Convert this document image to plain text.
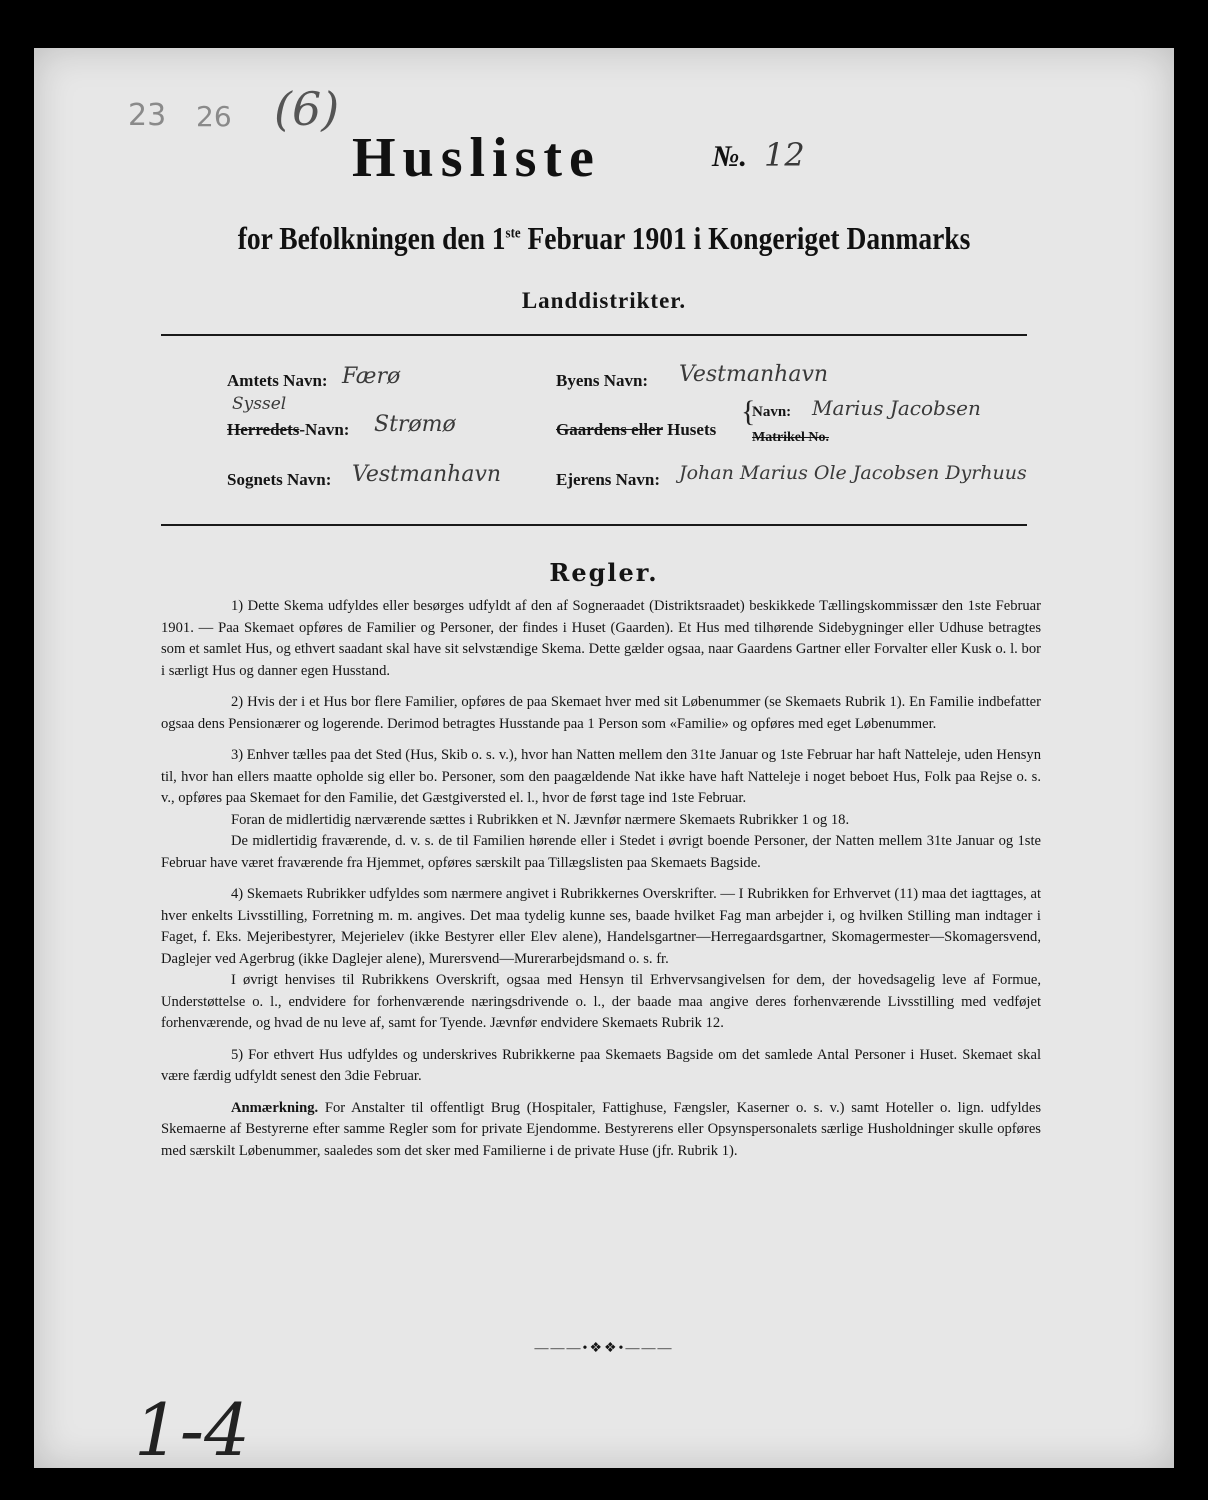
23 26 (6)
Husliste	№. 12
for Befolkningen den 1ste Februar 1901 i Kongeriget Danmarks
Landdistrikter.
Amtets Navn: Færø	Byens Navn: Vestmanhavn
Syssel
Herredets-Navn: Strømø	Gaardens eller Husets
{
Navn: Marius Jacobsen
Matrikel No.
Sognets Navn: Vestmanhavn	Ejerens Navn: Johan Marius Ole Jacobsen Dyrhuus
Regler.

1) Dette Skema udfyldes eller besørges udfyldt af den af Sogneraadet (Distriktsraadet) beskikkede Tællingskommissær den 1ste Februar 1901. — Paa Skemaet opføres de Familier og Personer, der findes i Huset (Gaarden). Et Hus med tilhørende Sidebygninger eller Udhuse betragtes som et samlet Hus, og ethvert saadant skal have sit selvstændige Skema. Dette gælder ogsaa, naar Gaardens Gartner eller Forvalter eller Kusk o. l. bor i særligt Hus og danner egen Husstand.

2) Hvis der i et Hus bor flere Familier, opføres de paa Skemaet hver med sit Løbenummer (se Skemaets Rubrik 1). En Familie indbefatter ogsaa dens Pensionærer og logerende. Derimod betragtes Husstande paa 1 Person som «Familie» og opføres med eget Løbenummer.

3) Enhver tælles paa det Sted (Hus, Skib o. s. v.), hvor han Natten mellem den 31te Januar og 1ste Februar har haft Natteleje, uden Hensyn til, hvor han ellers maatte opholde sig eller bo. Personer, som den paagældende Nat ikke have haft Natteleje i noget beboet Hus, Folk paa Rejse o. s. v., opføres paa Skemaet for den Familie, det Gæstgiversted el. l., hvor de først tage ind 1ste Februar.

Foran de midlertidig nærværende sættes i Rubrikken et N. Jævnfør nærmere Skemaets Rubrikker 1 og 18.

De midlertidig fraværende, d. v. s. de til Familien hørende eller i Stedet i øvrigt boende Personer, der Natten mellem 31te Januar og 1ste Februar have været fraværende fra Hjemmet, opføres særskilt paa Tillægslisten paa Skemaets Bagside.

4) Skemaets Rubrikker udfyldes som nærmere angivet i Rubrikkernes Overskrifter. — I Rubrikken for Erhvervet (11) maa det iagttages, at hver enkelts Livsstilling, Forretning m. m. angives. Det maa tydelig kunne ses, baade hvilket Fag man arbejder i, og hvilken Stilling man indtager i Faget, f. Eks. Mejeribestyrer, Mejerielev (ikke Bestyrer eller Elev alene), Handelsgartner—Herregaardsgartner, Skomagermester—Skomagersvend, Daglejer ved Agerbrug (ikke Daglejer alene), Murersvend—Murerarbejdsmand o. s. fr.

I øvrigt henvises til Rubrikkens Overskrift, ogsaa med Hensyn til Erhvervsangivelsen for dem, der hovedsagelig leve af Formue, Understøttelse o. l., endvidere for forhenværende næringsdrivende o. l., der baade maa angive deres forhenværende Livsstilling med vedføjet forhenværende, og hvad de nu leve af, samt for Tyende. Jævnfør endvidere Skemaets Rubrik 12.

5) For ethvert Hus udfyldes og underskrives Rubrikkerne paa Skemaets Bagside om det samlede Antal Personer i Huset. Skemaet skal være færdig udfyldt senest den 3die Februar.

Anmærkning. For Anstalter til offentligt Brug (Hospitaler, Fattighuse, Fængsler, Kaserner o. s. v.) samt Hoteller o. lign. udfyldes Skemaerne af Bestyrerne efter samme Regler som for private Ejendomme. Bestyrerens eller Opsynspersonalets særlige Husholdninger skulle opføres med særskilt Løbenummer, saaledes som det sker med Familierne i de private Huse (jfr. Rubrik 1).

———•❖❖•———
1-4
